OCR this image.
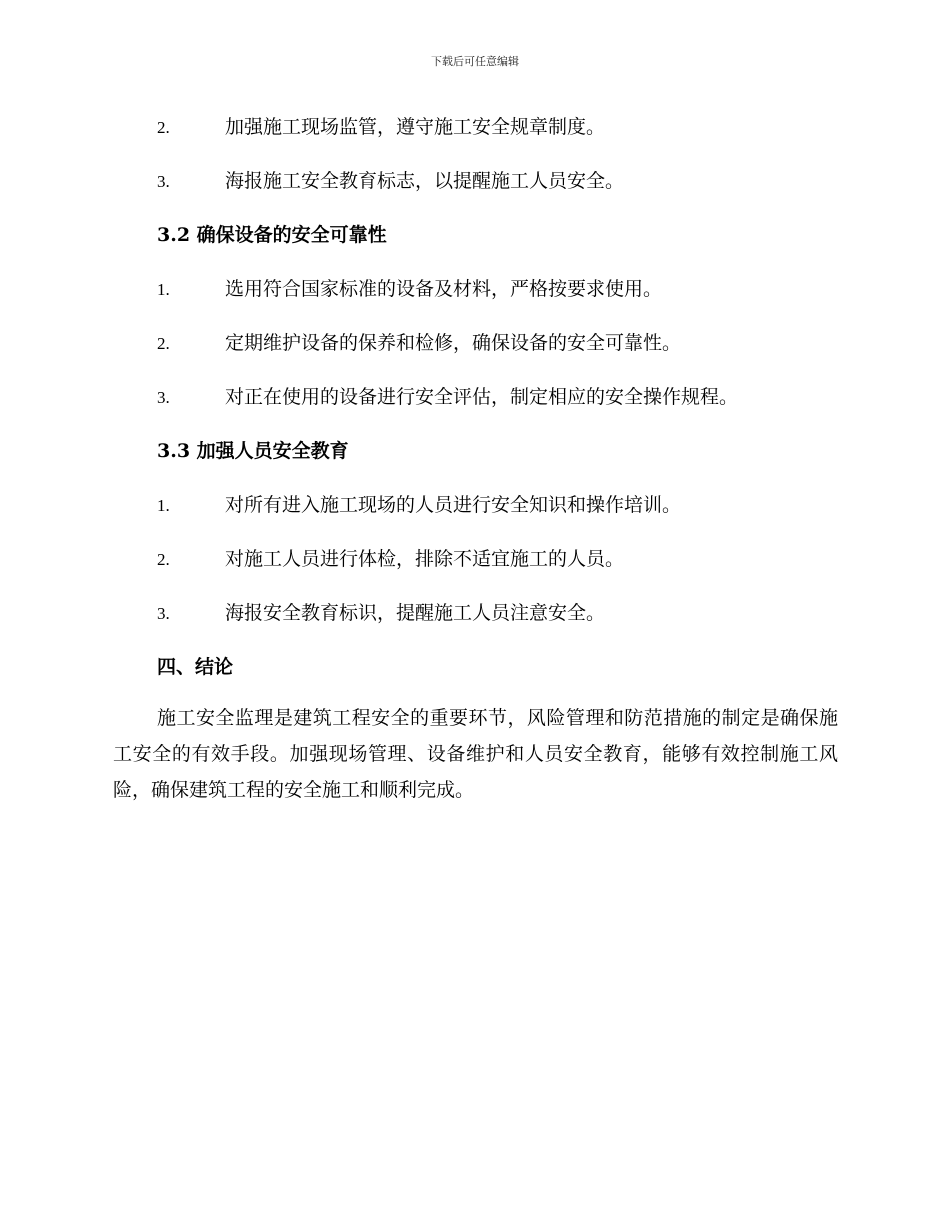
下载后可任意编辑
2.	加强施工现场监管，遵守施工安全规章制度。
3.	海报施工安全教育标志，以提醒施工人员安全。
3.2 确保设备的安全可靠性
1.	选用符合国家标准的设备及材料，严格按要求使用。
2.	定期维护设备的保养和检修，确保设备的安全可靠性。
3.	对正在使用的设备进行安全评估，制定相应的安全操作规程。
3.3 加强人员安全教育
1.	对所有进入施工现场的人员进行安全知识和操作培训。
2.	对施工人员进行体检，排除不适宜施工的人员。
3.	海报安全教育标识，提醒施工人员注意安全。
四、结论
施工安全监理是建筑工程安全的重要环节，风险管理和防范措施的制定是确保施工安全的有效手段。加强现场管理、设备维护和人员安全教育，能够有效控制施工风险，确保建筑工程的安全施工和顺利完成。
